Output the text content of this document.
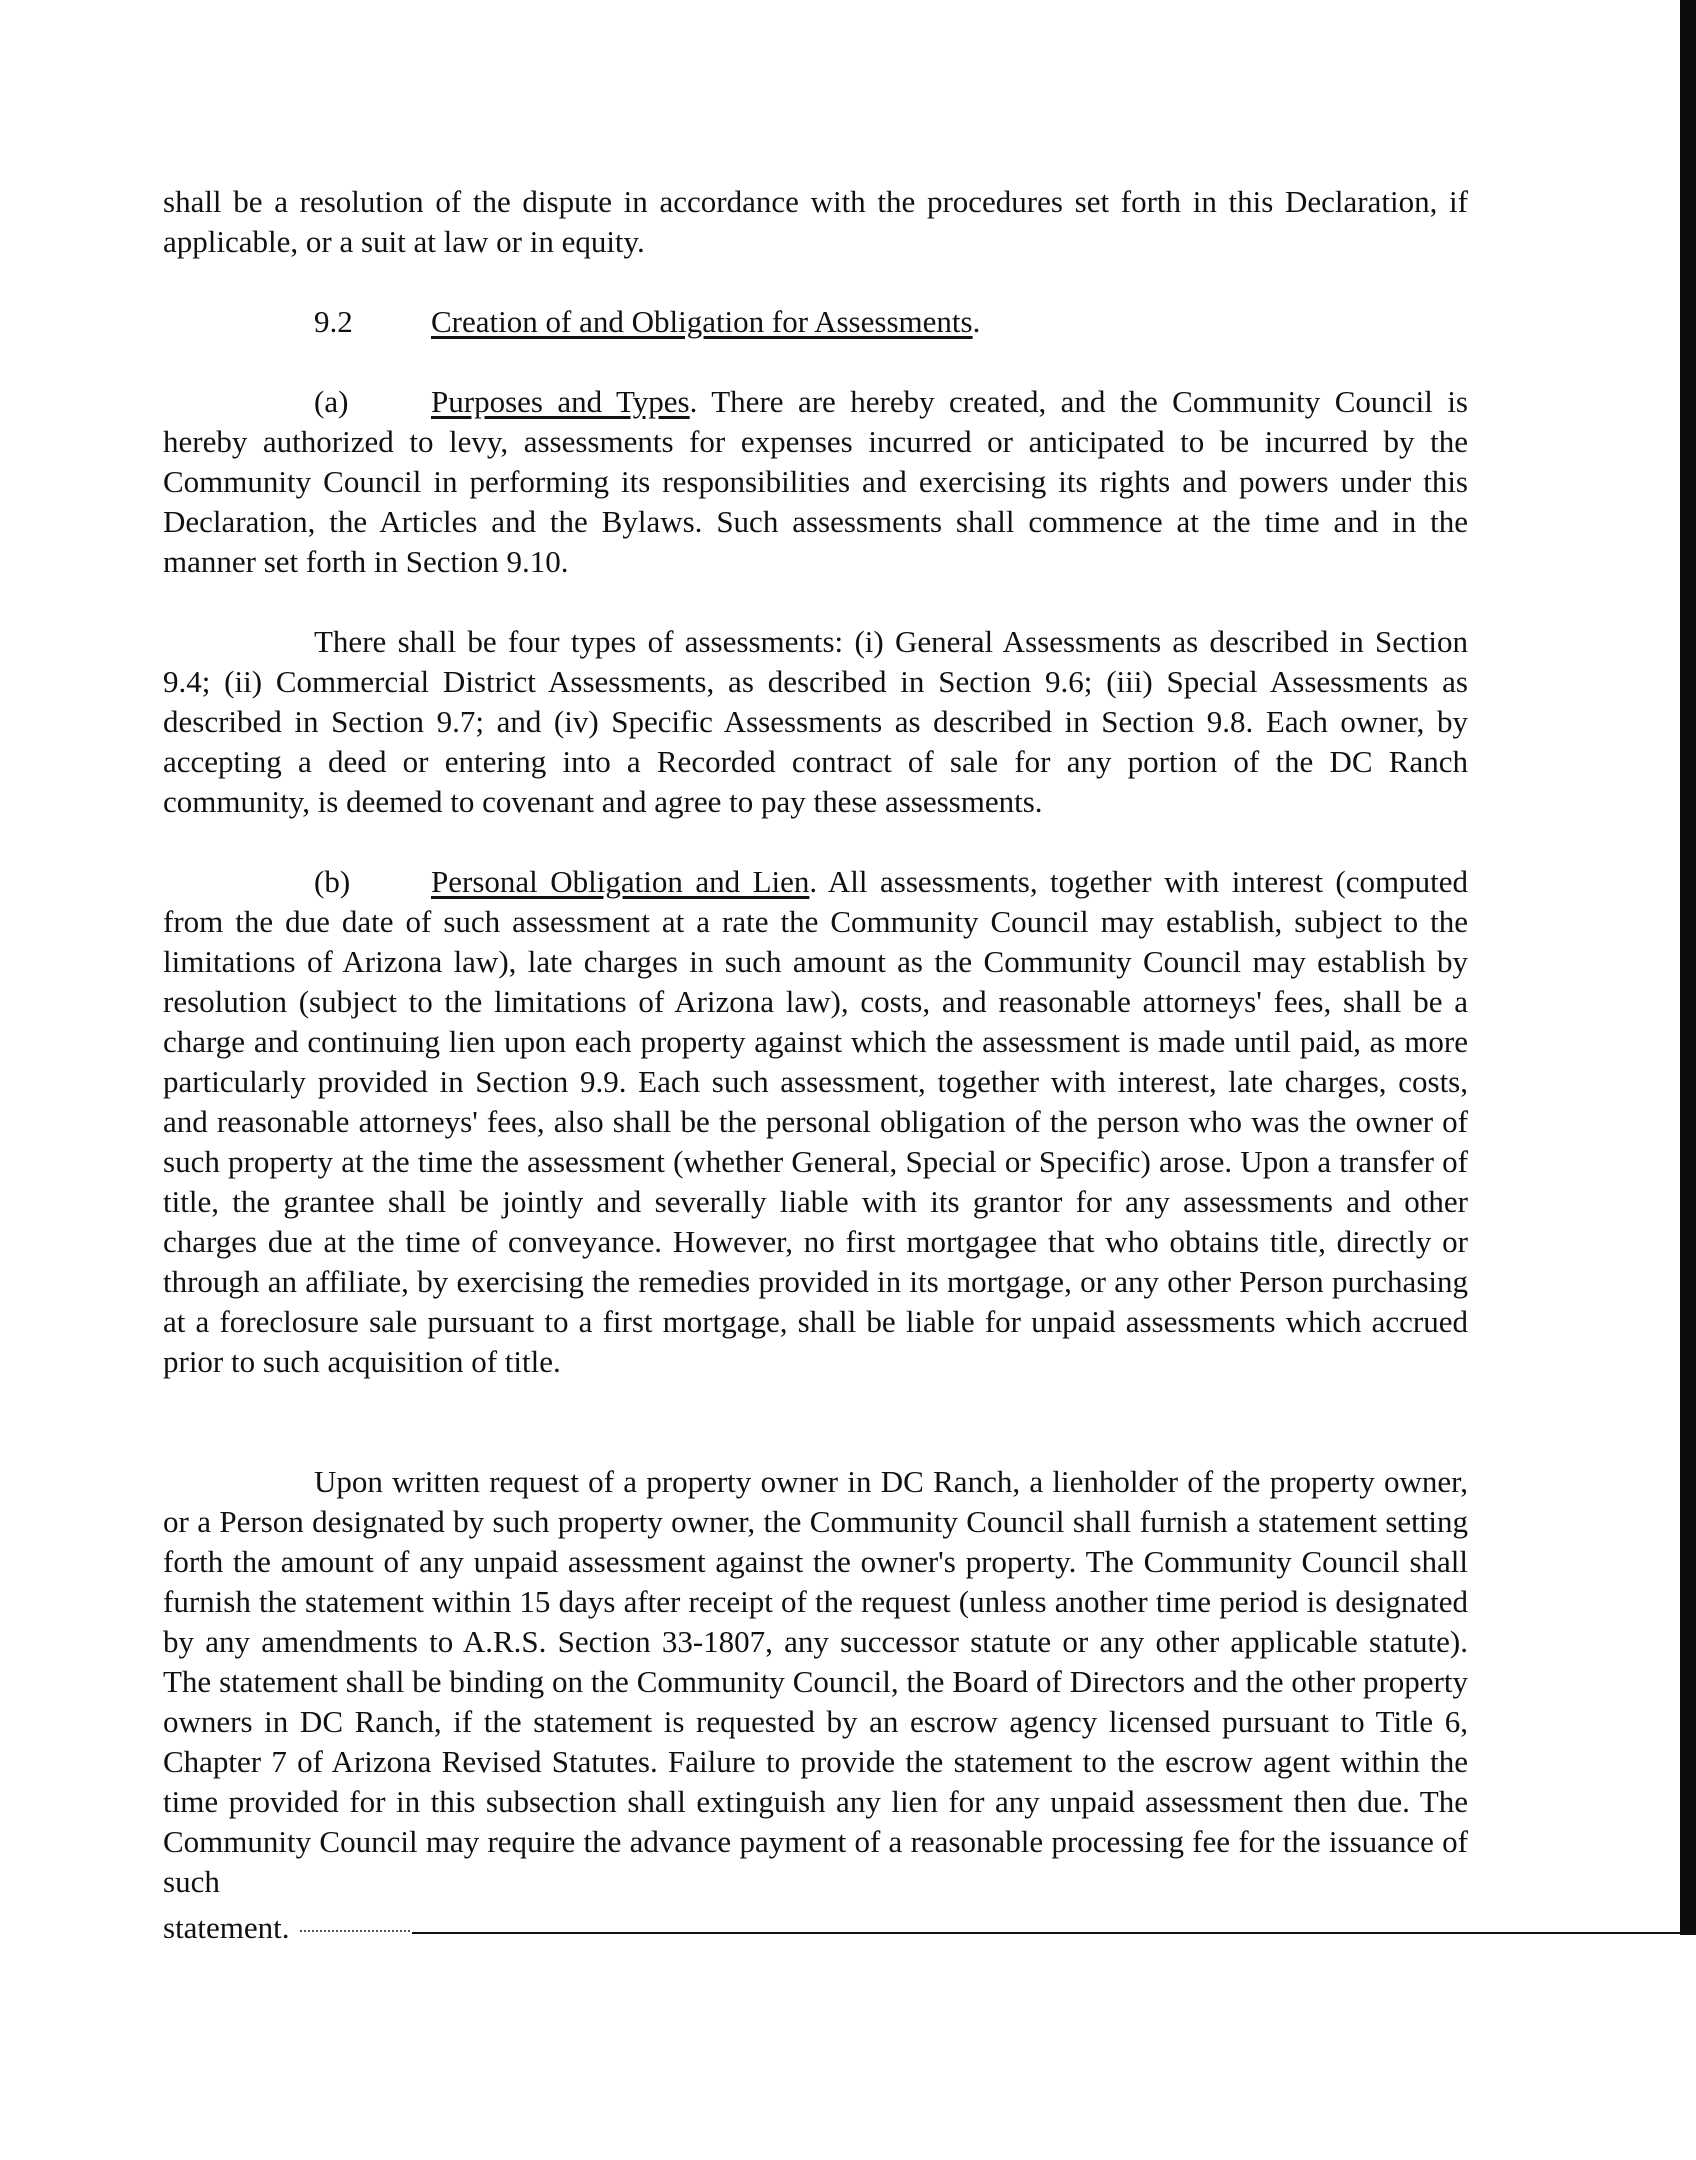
shall be a resolution of the dispute in accordance with the procedures set forth in this Declaration, if applicable, or a suit at law or in equity.
9.2	Creation of and Obligation for Assessments.
(a)	Purposes and Types. There are hereby created, and the Community Council is hereby authorized to levy, assessments for expenses incurred or anticipated to be incurred by the Community Council in performing its responsibilities and exercising its rights and powers under this Declaration, the Articles and the Bylaws. Such assessments shall commence at the time and in the manner set forth in Section 9.10.
There shall be four types of assessments: (i) General Assessments as described in Section 9.4; (ii) Commercial District Assessments, as described in Section 9.6; (iii) Special Assessments as described in Section 9.7; and (iv) Specific Assessments as described in Section 9.8. Each owner, by accepting a deed or entering into a Recorded contract of sale for any portion of the DC Ranch community, is deemed to covenant and agree to pay these assessments.
(b)	Personal Obligation and Lien. All assessments, together with interest (computed from the due date of such assessment at a rate the Community Council may establish, subject to the limitations of Arizona law), late charges in such amount as the Community Council may establish by resolution (subject to the limitations of Arizona law), costs, and reasonable attorneys' fees, shall be a charge and continuing lien upon each property against which the assessment is made until paid, as more particularly provided in Section 9.9. Each such assessment, together with interest, late charges, costs, and reasonable attorneys' fees, also shall be the personal obligation of the person who was the owner of such property at the time the assessment (whether General, Special or Specific) arose. Upon a transfer of title, the grantee shall be jointly and severally liable with its grantor for any assessments and other charges due at the time of conveyance. However, no first mortgagee that who obtains title, directly or through an affiliate, by exercising the remedies provided in its mortgage, or any other Person purchasing at a foreclosure sale pursuant to a first mortgage, shall be liable for unpaid assessments which accrued prior to such acquisition of title.
Upon written request of a property owner in DC Ranch, a lienholder of the property owner, or a Person designated by such property owner, the Community Council shall furnish a statement setting forth the amount of any unpaid assessment against the owner's property. The Community Council shall furnish the statement within 15 days after receipt of the request (unless another time period is designated by any amendments to A.R.S. Section 33-1807, any successor statute or any other applicable statute). The statement shall be binding on the Community Council, the Board of Directors and the other property owners in DC Ranch, if the statement is requested by an escrow agency licensed pursuant to Title 6, Chapter 7 of Arizona Revised Statutes. Failure to provide the statement to the escrow agent within the time provided for in this subsection shall extinguish any lien for any unpaid assessment then due. The Community Council may require the advance payment of a reasonable processing fee for the issuance of such
statement.
